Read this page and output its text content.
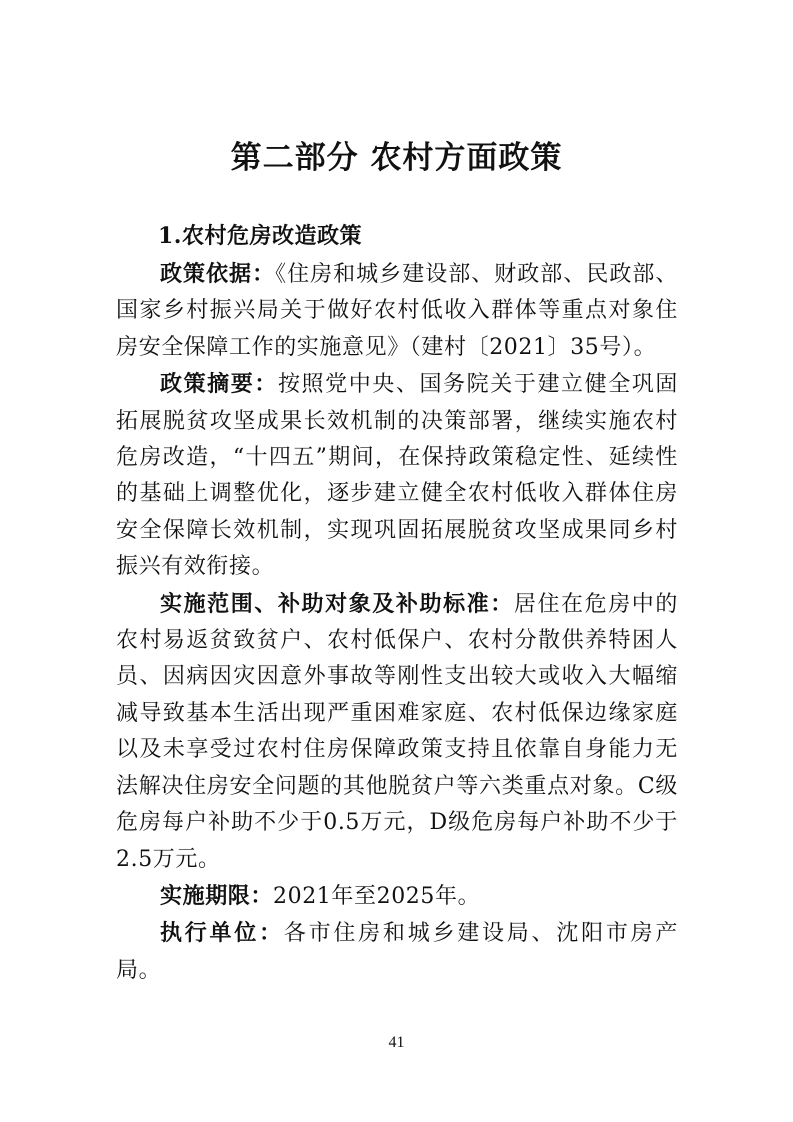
第二部分 农村方面政策
1.农村危房改造政策

政策依据：《住房和城乡建设部、财政部、民政部、国家乡村振兴局关于做好农村低收入群体等重点对象住房安全保障工作的实施意见》（建村〔2021〕35号）。

政策摘要：按照党中央、国务院关于建立健全巩固拓展脱贫攻坚成果长效机制的决策部署，继续实施农村危房改造，“十四五”期间，在保持政策稳定性、延续性的基础上调整优化，逐步建立健全农村低收入群体住房安全保障长效机制，实现巩固拓展脱贫攻坚成果同乡村振兴有效衔接。

实施范围、补助对象及补助标准：居住在危房中的农村易返贫致贫户、农村低保户、农村分散供养特困人员、因病因灾因意外事故等刚性支出较大或收入大幅缩减导致基本生活出现严重困难家庭、农村低保边缘家庭以及未享受过农村住房保障政策支持且依靠自身能力无法解决住房安全问题的其他脱贫户等六类重点对象。C级危房每户补助不少于0.5万元，D级危房每户补助不少于2.5万元。

实施期限：2021年至2025年。

执行单位：各市住房和城乡建设局、沈阳市房产局。

41
